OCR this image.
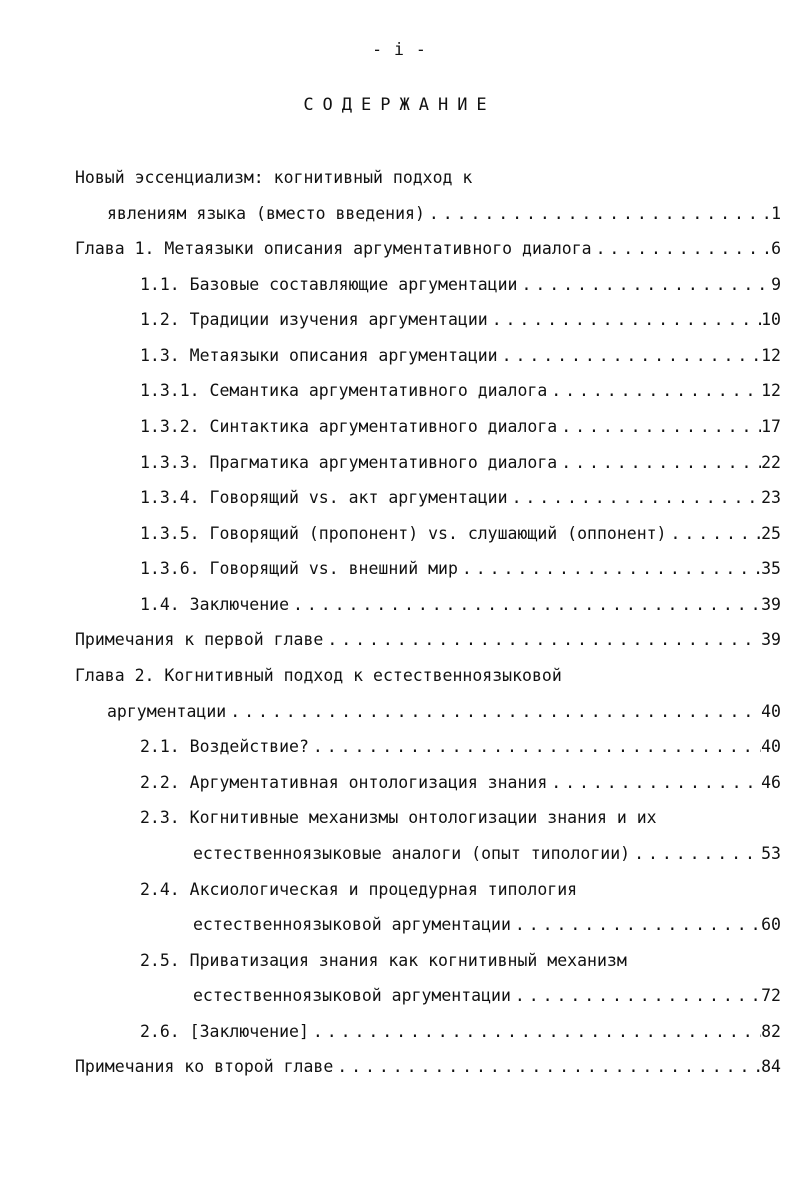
- i -
СОДЕРЖАНИЕ
Новый эссенциализм: когнитивный подход к
явлениям языка (вместо введения) . . .	1
Глава 1. Метаязыки описания аргументативного диалога . . .	6
1.1. Базовые составляющие аргументации . . .	9
1.2. Традиции изучения аргументации . . .	10
1.3. Метаязыки описания аргументации . . .	12
1.3.1. Семантика аргументативного диалога . . .	12
1.3.2. Синтактика аргументативного диалога . . .	17
1.3.3. Прагматика аргументативного диалога . . .	22
1.3.4. Говорящий vs. акт аргументации . . .	23
1.3.5. Говорящий (пропонент) vs. слушающий (оппонент) . . .	25
1.3.6. Говорящий vs. внешний мир . . .	35
1.4. Заключение . . .	39
Примечания к первой главе . . .	39
Глава 2. Когнитивный подход к естественноязыковой
аргументации . . .	40
2.1. Воздействие? . . .	40
2.2. Аргументативная онтологизация знания . . .	46
2.3. Когнитивные механизмы онтологизации знания и их
естественноязыковые аналоги (опыт типологии) . . .	53
2.4. Аксиологическая и процедурная типология
естественноязыковой аргументации . . .	60
2.5. Приватизация знания как когнитивный механизм
естественноязыковой аргументации . . .	72
2.6. [Заключение] . . .	82
Примечания ко второй главе . . .	84
